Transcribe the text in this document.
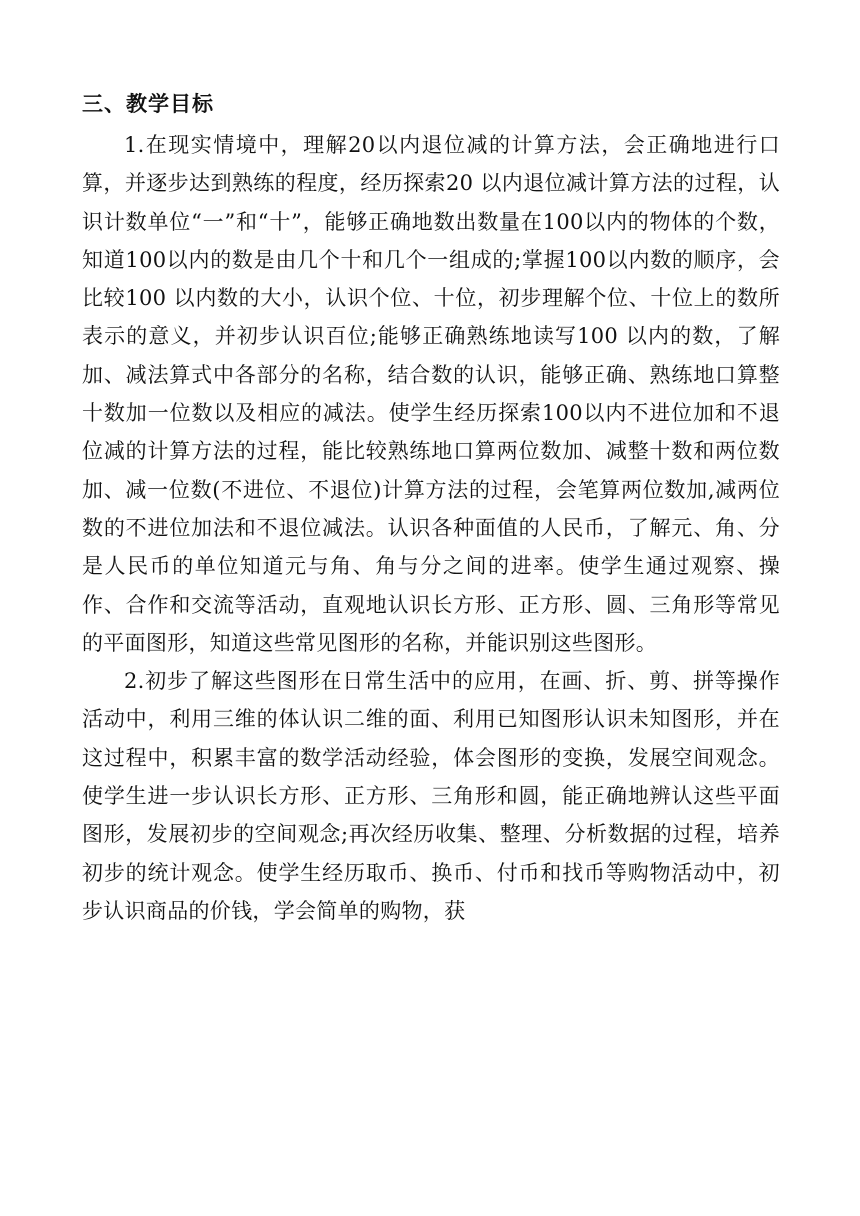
三、教学目标

1.在现实情境中，理解20以内退位减的计算方法，会正确地进行口算，并逐步达到熟练的程度，经历探索20 以内退位减计算方法的过程，认识计数单位“一”和“十”，能够正确地数出数量在100以内的物体的个数，知道100以内的数是由几个十和几个一组成的;掌握100以内数的顺序，会比较100 以内数的大小，认识个位、十位，初步理解个位、十位上的数所表示的意义，并初步认识百位;能够正确熟练地读写100 以内的数，了解加、减法算式中各部分的名称，结合数的认识，能够正确、熟练地口算整十数加一位数以及相应的减法。使学生经历探索100以内不进位加和不退位减的计算方法的过程，能比较熟练地口算两位数加、减整十数和两位数加、减一位数(不进位、不退位)计算方法的过程，会笔算两位数加,减两位数的不进位加法和不退位减法。认识各种面值的人民币，了解元、角、分是人民币的单位知道元与角、角与分之间的进率。使学生通过观察、操作、合作和交流等活动，直观地认识长方形、正方形、圆、三角形等常见的平面图形，知道这些常见图形的名称，并能识别这些图形。

2.初步了解这些图形在日常生活中的应用，在画、折、剪、拼等操作活动中，利用三维的体认识二维的面、利用已知图形认识未知图形，并在这过程中，积累丰富的数学活动经验，体会图形的变换，发展空间观念。使学生进一步认识长方形、正方形、三角形和圆，能正确地辨认这些平面图形，发展初步的空间观念;再次经历收集、整理、分析数据的过程，培养初步的统计观念。使学生经历取币、换币、付币和找币等购物活动中，初步认识商品的价钱，学会简单的购物，获
